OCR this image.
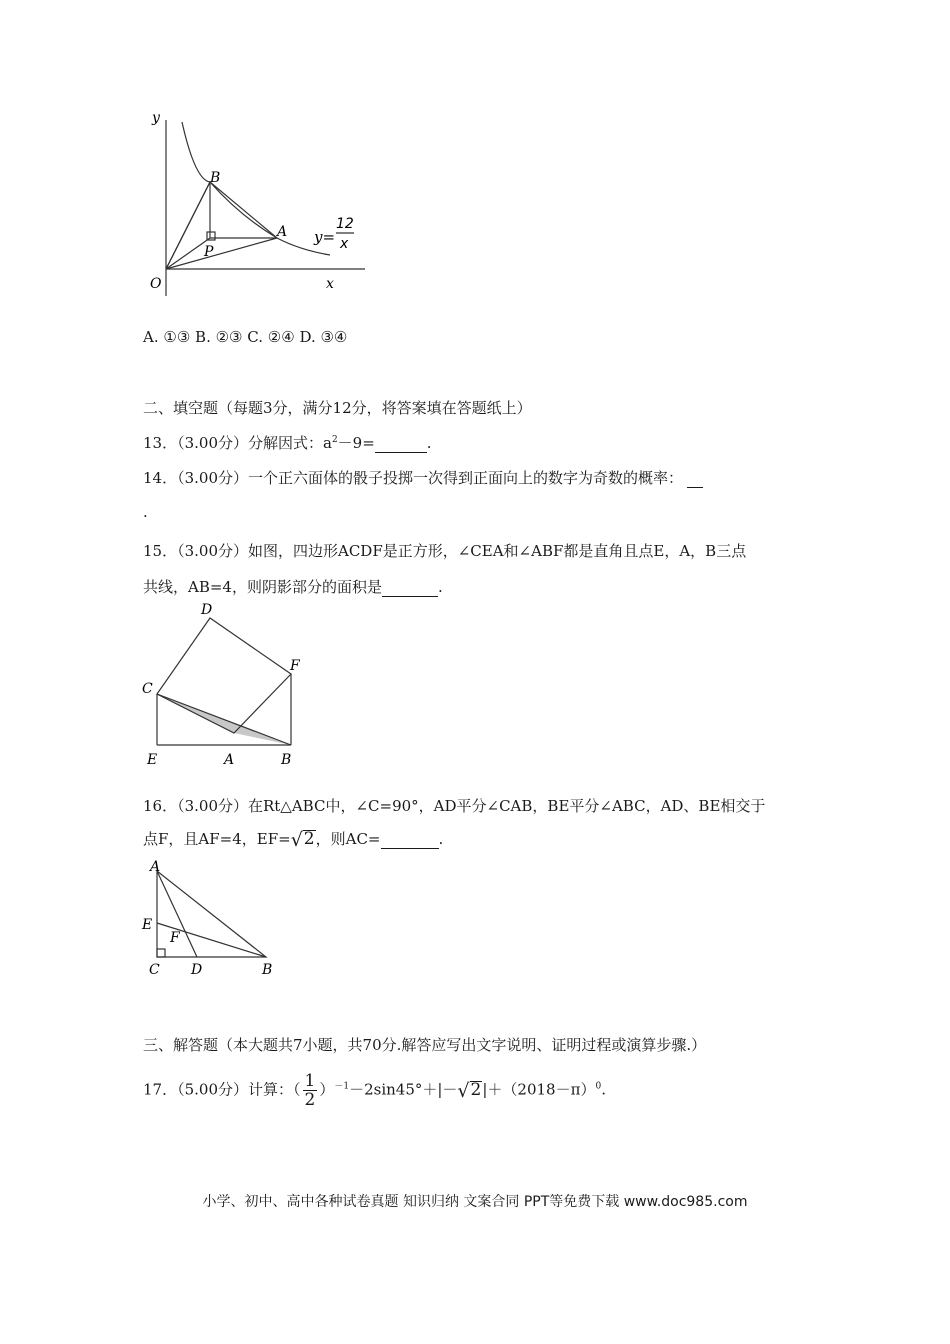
y
x
O
B
A
P
y=
12
x
A. ①③ B. ②③ C. ②④ D. ③④
二、填空题（每题3分，满分12分，将答案填在答题纸上）
13．（3.00分）分解因式：$a^2-9=$	.
14．（3.00分）一个正六面体的骰子投掷一次得到正面向上的数字为奇数的概率：
.
15．（3.00分）如图，四边形ACDF是正方形，∠CEA和∠ABF都是直角且点E，A，B三点
共线，AB=4，则阴影部分的面积是	.
D
F
C
E	A	B
16．（3.00分）在Rt△ABC中，∠C=90°，AD平分∠CAB，BE平分∠ABC，AD、BE相交于
点F，且AF=4，EF=√2，则AC=	.
A
E
F
C D	B
三、解答题（本大题共7小题，共70分.解答应写出文字说明、证明过程或演算步骤.）
17．（5.00分）计算：（ $\frac{1}{2} )^{-1}-2\sin 45^\circ+|-√2|+(2018-\pi)^0$.
小学、初中、高中各种试卷真题 知识归纳 文案合同 PPT等免费下载 www.doc985.com
